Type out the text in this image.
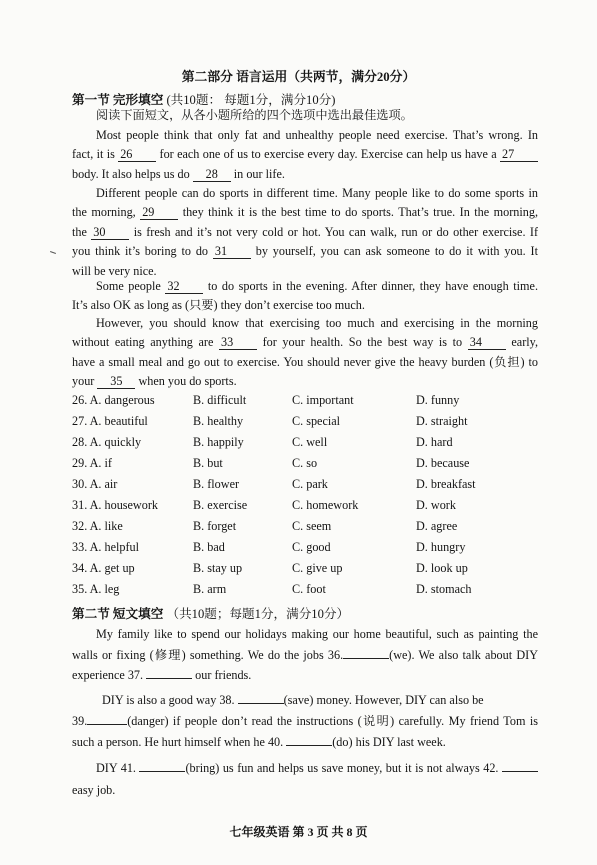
第二部分 语言运用（共两节，满分20分）
第一节 完形填空 (共10题： 每题1分，满分10分)
阅读下面短文，从各小题所给的四个选项中选出最佳选项。
Most people think that only fat and unhealthy people need exercise. That’s wrong. In
fact, it is 26 for each one of us to exercise every day. Exercise can help us have a 27
body. It also helps us do 28 in our life.
Different people can do sports in different time. Many people like to do some sports in
the morning, 29 they think it is the best time to do sports. That’s true. In the morning,
the 30 is fresh and it’s not very cold or hot. You can walk, run or do other exercise. If
you think it’s boring to do 31 by yourself, you can ask someone to do it with you. It
will be very nice.
Some people 32 to do sports in the evening. After dinner, they have enough time.
It’s also OK as long as (只要) they don’t exercise too much.
However, you should know that exercising too much and exercising in the morning
without eating anything are 33 for your health. So the best way is to 34 early,
have a small meal and go out to exercise. You should never give the heavy burden (负担) to
your 35 when you do sports.
26. A. dangerous	B. difficult	C. important	D. funny
27. A. beautiful	B. healthy	C. special	D. straight
28. A. quickly	B. happily	C. well	D. hard
29. A. if	B. but	C. so	D. because
30. A. air	B. flower	C. park	D. breakfast
31. A. housework	B. exercise	C. homework	D. work
32. A. like	B. forget	C. seem	D. agree
33. A. helpful	B. bad	C. good	D. hungry
34. A. get up	B. stay up	C. give up	D. look up
35. A. leg	B. arm	C. foot	D. stomach
第二节 短文填空 （共10题；每题1分，满分10分）
My family like to spend our holidays making our home beautiful, such as painting the
walls or fixing (修理) something. We do the jobs 36.	(we). We also talk about DIY
experience 37.	our friends.
DIY is also a good way 38.	(save) money. However, DIY can also be
39.	(danger) if people don’t read the instructions (说明) carefully. My friend Tom is
such a person. He hurt himself when he 40.	(do) his DIY last week.
DIY 41.	(bring) us fun and helps us save money, but it is not always 42.
easy job.
七年级英语 第 3 页 共 8 页
